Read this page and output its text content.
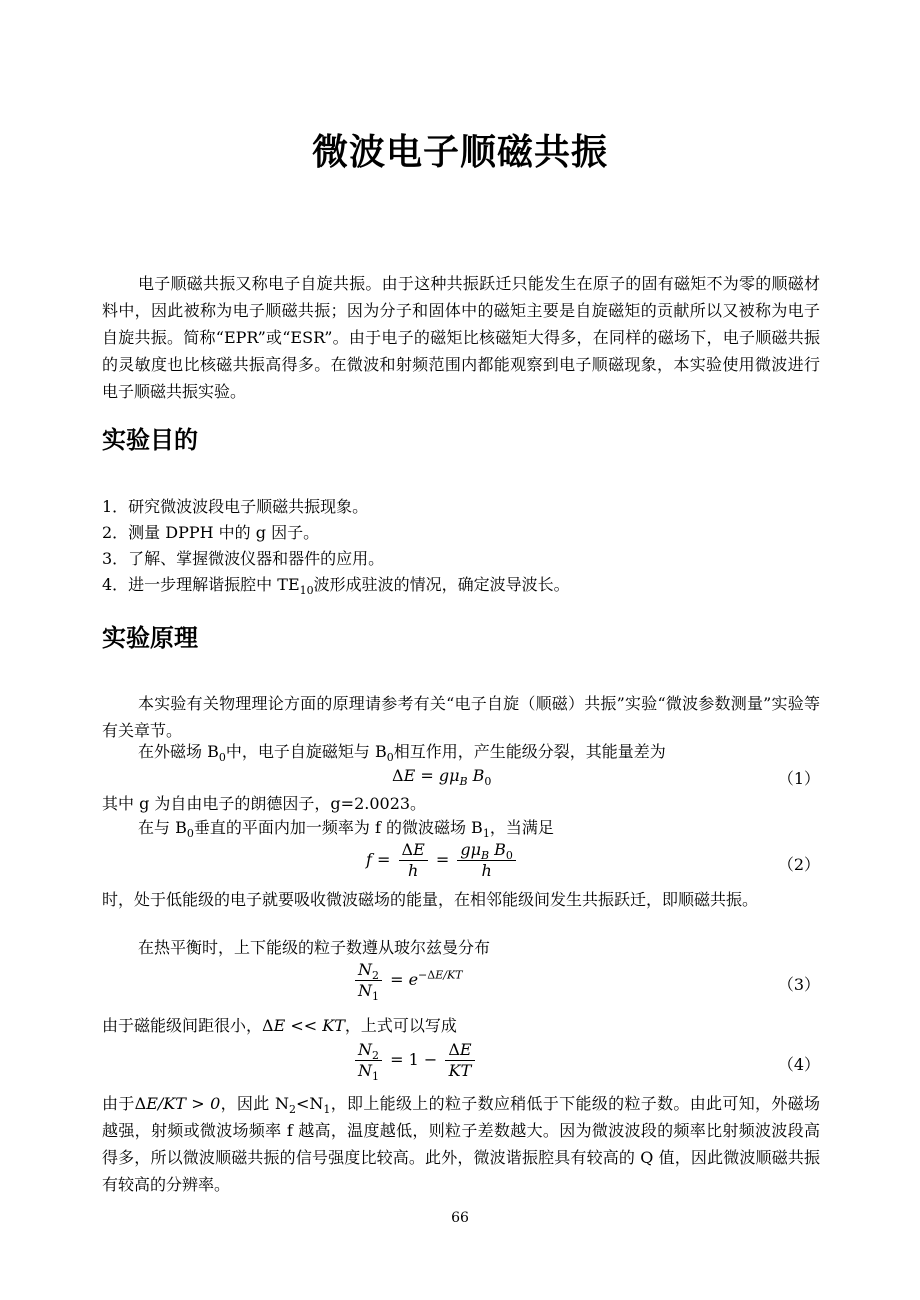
微波电子顺磁共振

电子顺磁共振又称电子自旋共振。由于这种共振跃迁只能发生在原子的固有磁矩不为零的顺磁材料中，因此被称为电子顺磁共振；因为分子和固体中的磁矩主要是自旋磁矩的贡献所以又被称为电子自旋共振。简称“EPR”或“ESR”。由于电子的磁矩比核磁矩大得多，在同样的磁场下，电子顺磁共振的灵敏度也比核磁共振高得多。在微波和射频范围内都能观察到电子顺磁现象，本实验使用微波进行电子顺磁共振实验。

实验目的
1．研究微波波段电子顺磁共振现象。
2．测量 DPPH 中的 g 因子。
3．了解、掌握微波仪器和器件的应用。
4．进一步理解谐振腔中 $TE_{10}$波形成驻波的情况，确定波导波长。
实验原理

本实验有关物理理论方面的原理请参考有关“电子自旋（顺磁）共振”实验“微波参数测量”实验等有关章节。

在外磁场 $B_0$中，电子自旋磁矩与 $B_0$相互作用，产生能级分裂，其能量差为

$\Delta E = g\mu_B$ $B_0$	（1）

其中 g 为自由电子的朗德因子，g=2.0023。

在与 $B_0$垂直的平面内加一频率为 f 的微波磁场 $B_1$，当满足

$f = \frac{\Delta E}{h} = \frac{g\mu_B B_0}{h}$	（2）

时，处于低能级的电子就要吸收微波磁场的能量，在相邻能级间发生共振跃迁，即顺磁共振。

在热平衡时，上下能级的粒子数遵从玻尔兹曼分布

$\frac{N_2}{N_1} = e^{-\Delta E/KT}$	（3）

由于磁能级间距很小，ΔE << KT，上式可以写成

$\frac{N_2}{N_1} = 1 - \frac{\Delta E}{KT}$	（4）

由于ΔE/KT > 0，因此 $N_2<N_1$，即上能级上的粒子数应稍低于下能级的粒子数。由此可知，外磁场越强，射频或微波场频率 f 越高，温度越低，则粒子差数越大。因为微波波段的频率比射频波波段高得多，所以微波顺磁共振的信号强度比较高。此外，微波谐振腔具有较高的 Q 值，因此微波顺磁共振有较高的分辨率。

66
